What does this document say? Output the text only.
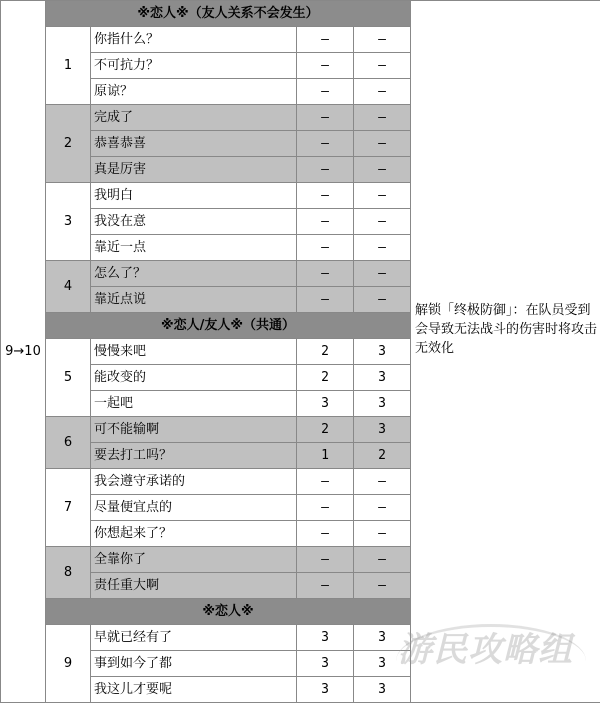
9→10	※恋人※（友人关系不会发生）				解锁「终极防御」：在队员受到会导致无法战斗的伤害时将攻击无效化

	1	你指什么？	—	—	
		不可抗力？	—	—	
		原谅？	—	—	
	2	完成了	—	—	
		恭喜恭喜	—	—	
		真是厉害	—	—	
	3	我明白	—	—	
		我没在意	—	—	
		靠近一点	—	—	
	4	怎么了？	—	—	
		靠近点说	—	—	
	※恋人/友人※（共通）				
	5	慢慢来吧	2	3	
		能改变的	2	3	
		一起吧	3	3	
	6	可不能输啊	2	3	
		要去打工吗？	1	2	
	7	我会遵守承诺的	—	—	
		尽量便宜点的	—	—	
		你想起来了？	—	—	
	8	全靠你了	—	—	
		责任重大啊	—	—	
	※恋人※				
	9	早就已经有了	3	3	
		事到如今了都	3	3	
		我这儿才要呢	3	3	
游民攻略组
